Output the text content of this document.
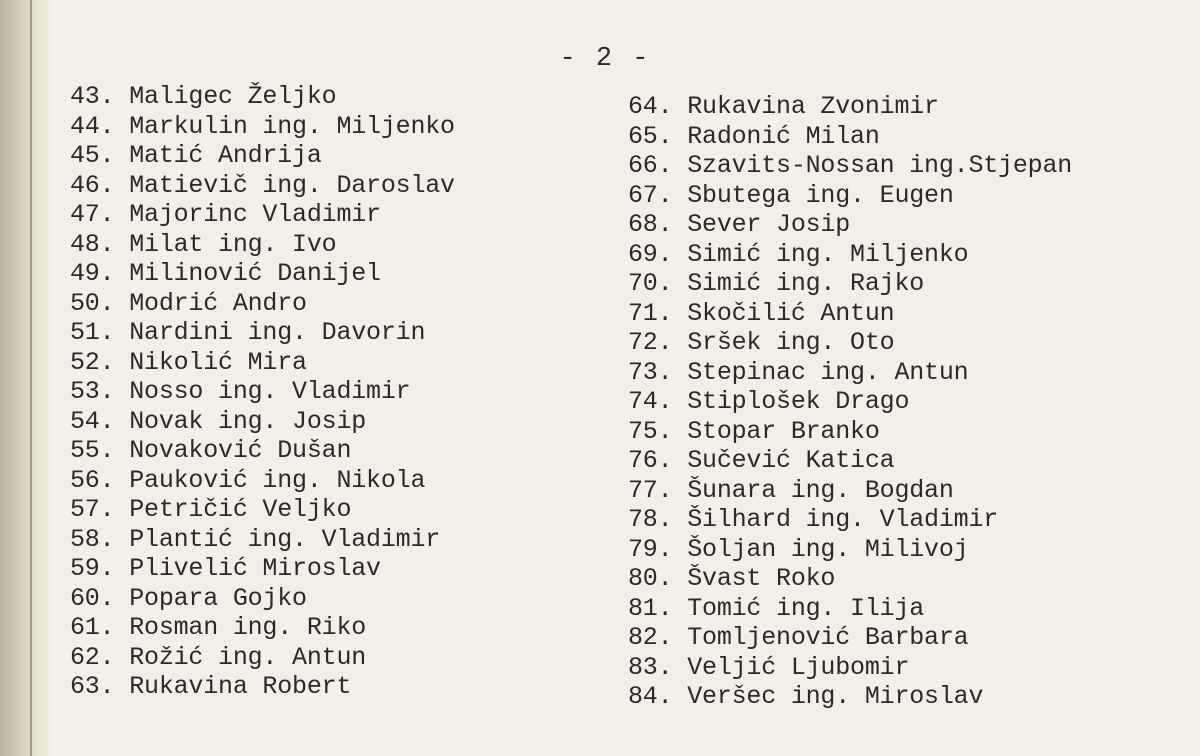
- 2 -
43. Maligec Željko
44. Markulin ing. Miljenko
45. Matić Andrija
46. Matievič ing. Daroslav
47. Majorinc Vladimir
48. Milat ing. Ivo
49. Milinović Danijel
50. Modrić Andro
51. Nardini ing. Davorin
52. Nikolić Mira
53. Nosso ing. Vladimir
54. Novak ing. Josip
55. Novaković Dušan
56. Pauković ing. Nikola
57. Petričić Veljko
58. Plantić ing. Vladimir
59. Plivelić Miroslav
60. Popara Gojko
61. Rosman ing. Riko
62. Rožić ing. Antun
63. Rukavina Robert
64. Rukavina Zvonimir
65. Radonić Milan
66. Szavits-Nossan ing.Stjepan
67. Sbutega ing. Eugen
68. Sever Josip
69. Simić ing. Miljenko
70. Simić ing. Rajko
71. Skočilić Antun
72. Sršek ing. Oto
73. Stepinac ing. Antun
74. Stiplošek Drago
75. Stopar Branko
76. Sučević Katica
77. Šunara ing. Bogdan
78. Šilhard ing. Vladimir
79. Šoljan ing. Milivoj
80. Švast Roko
81. Tomić ing. Ilija
82. Tomljenović Barbara
83. Veljić Ljubomir
84. Veršec ing. Miroslav
